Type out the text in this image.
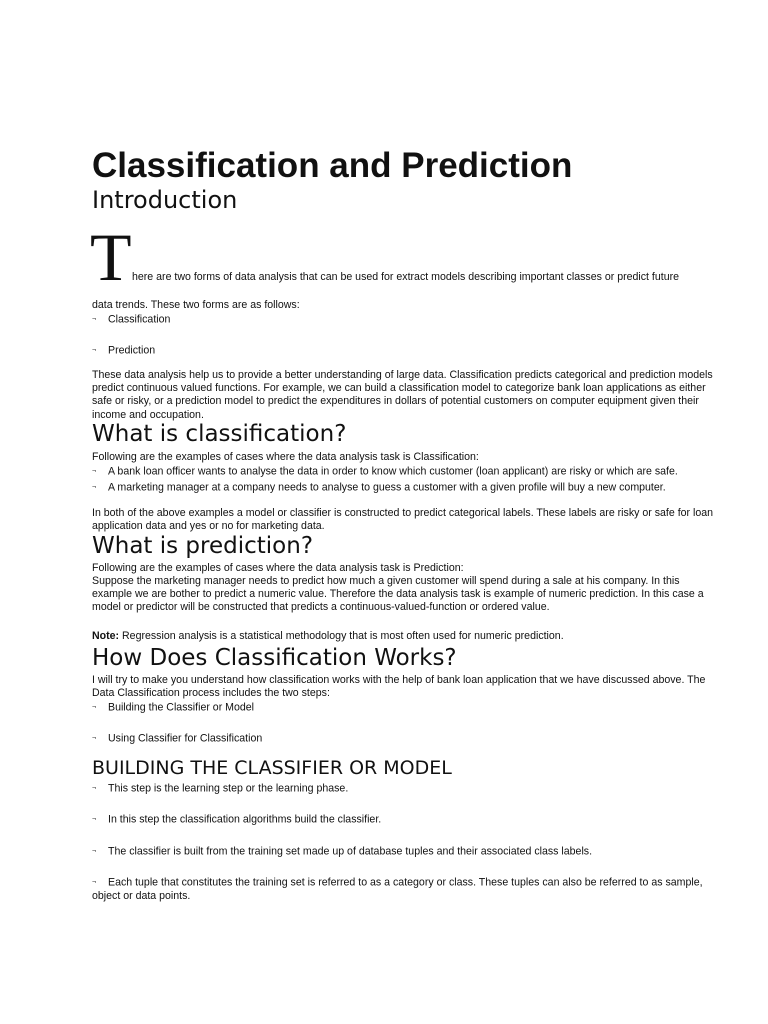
Classification and Prediction
Introduction
T here are two forms of data analysis that can be used for extract models describing important classes or predict future
data trends. These two forms are as follows:
¬ Classification
¬ Prediction
These data analysis help us to provide a better understanding of large data. Classification predicts categorical and prediction models predict continuous valued functions. For example, we can build a classification model to categorize bank loan applications as either safe or risky, or a prediction model to predict the expenditures in dollars of potential customers on computer equipment given their income and occupation.
What is classification?
Following are the examples of cases where the data analysis task is Classification:
¬ A bank loan officer wants to analyse the data in order to know which customer (loan applicant) are risky or which are safe.
¬ A marketing manager at a company needs to analyse to guess a customer with a given profile will buy a new computer.
In both of the above examples a model or classifier is constructed to predict categorical labels. These labels are risky or safe for loan application data and yes or no for marketing data.
What is prediction?
Following are the examples of cases where the data analysis task is Prediction:
Suppose the marketing manager needs to predict how much a given customer will spend during a sale at his company. In this example we are bother to predict a numeric value. Therefore the data analysis task is example of numeric prediction. In this case a model or predictor will be constructed that predicts a continuous-valued-function or ordered value.
Note: Regression analysis is a statistical methodology that is most often used for numeric prediction.
How Does Classification Works?
I will try to make you understand how classification works with the help of bank loan application that we have discussed above. The Data Classification process includes the two steps:
¬ Building the Classifier or Model
¬ Using Classifier for Classification
BUILDING THE CLASSIFIER OR MODEL
¬ This step is the learning step or the learning phase.
¬ In this step the classification algorithms build the classifier.
¬ The classifier is built from the training set made up of database tuples and their associated class labels.
¬ Each tuple that constitutes the training set is referred to as a category or class. These tuples can also be referred to as sample, object or data points.
